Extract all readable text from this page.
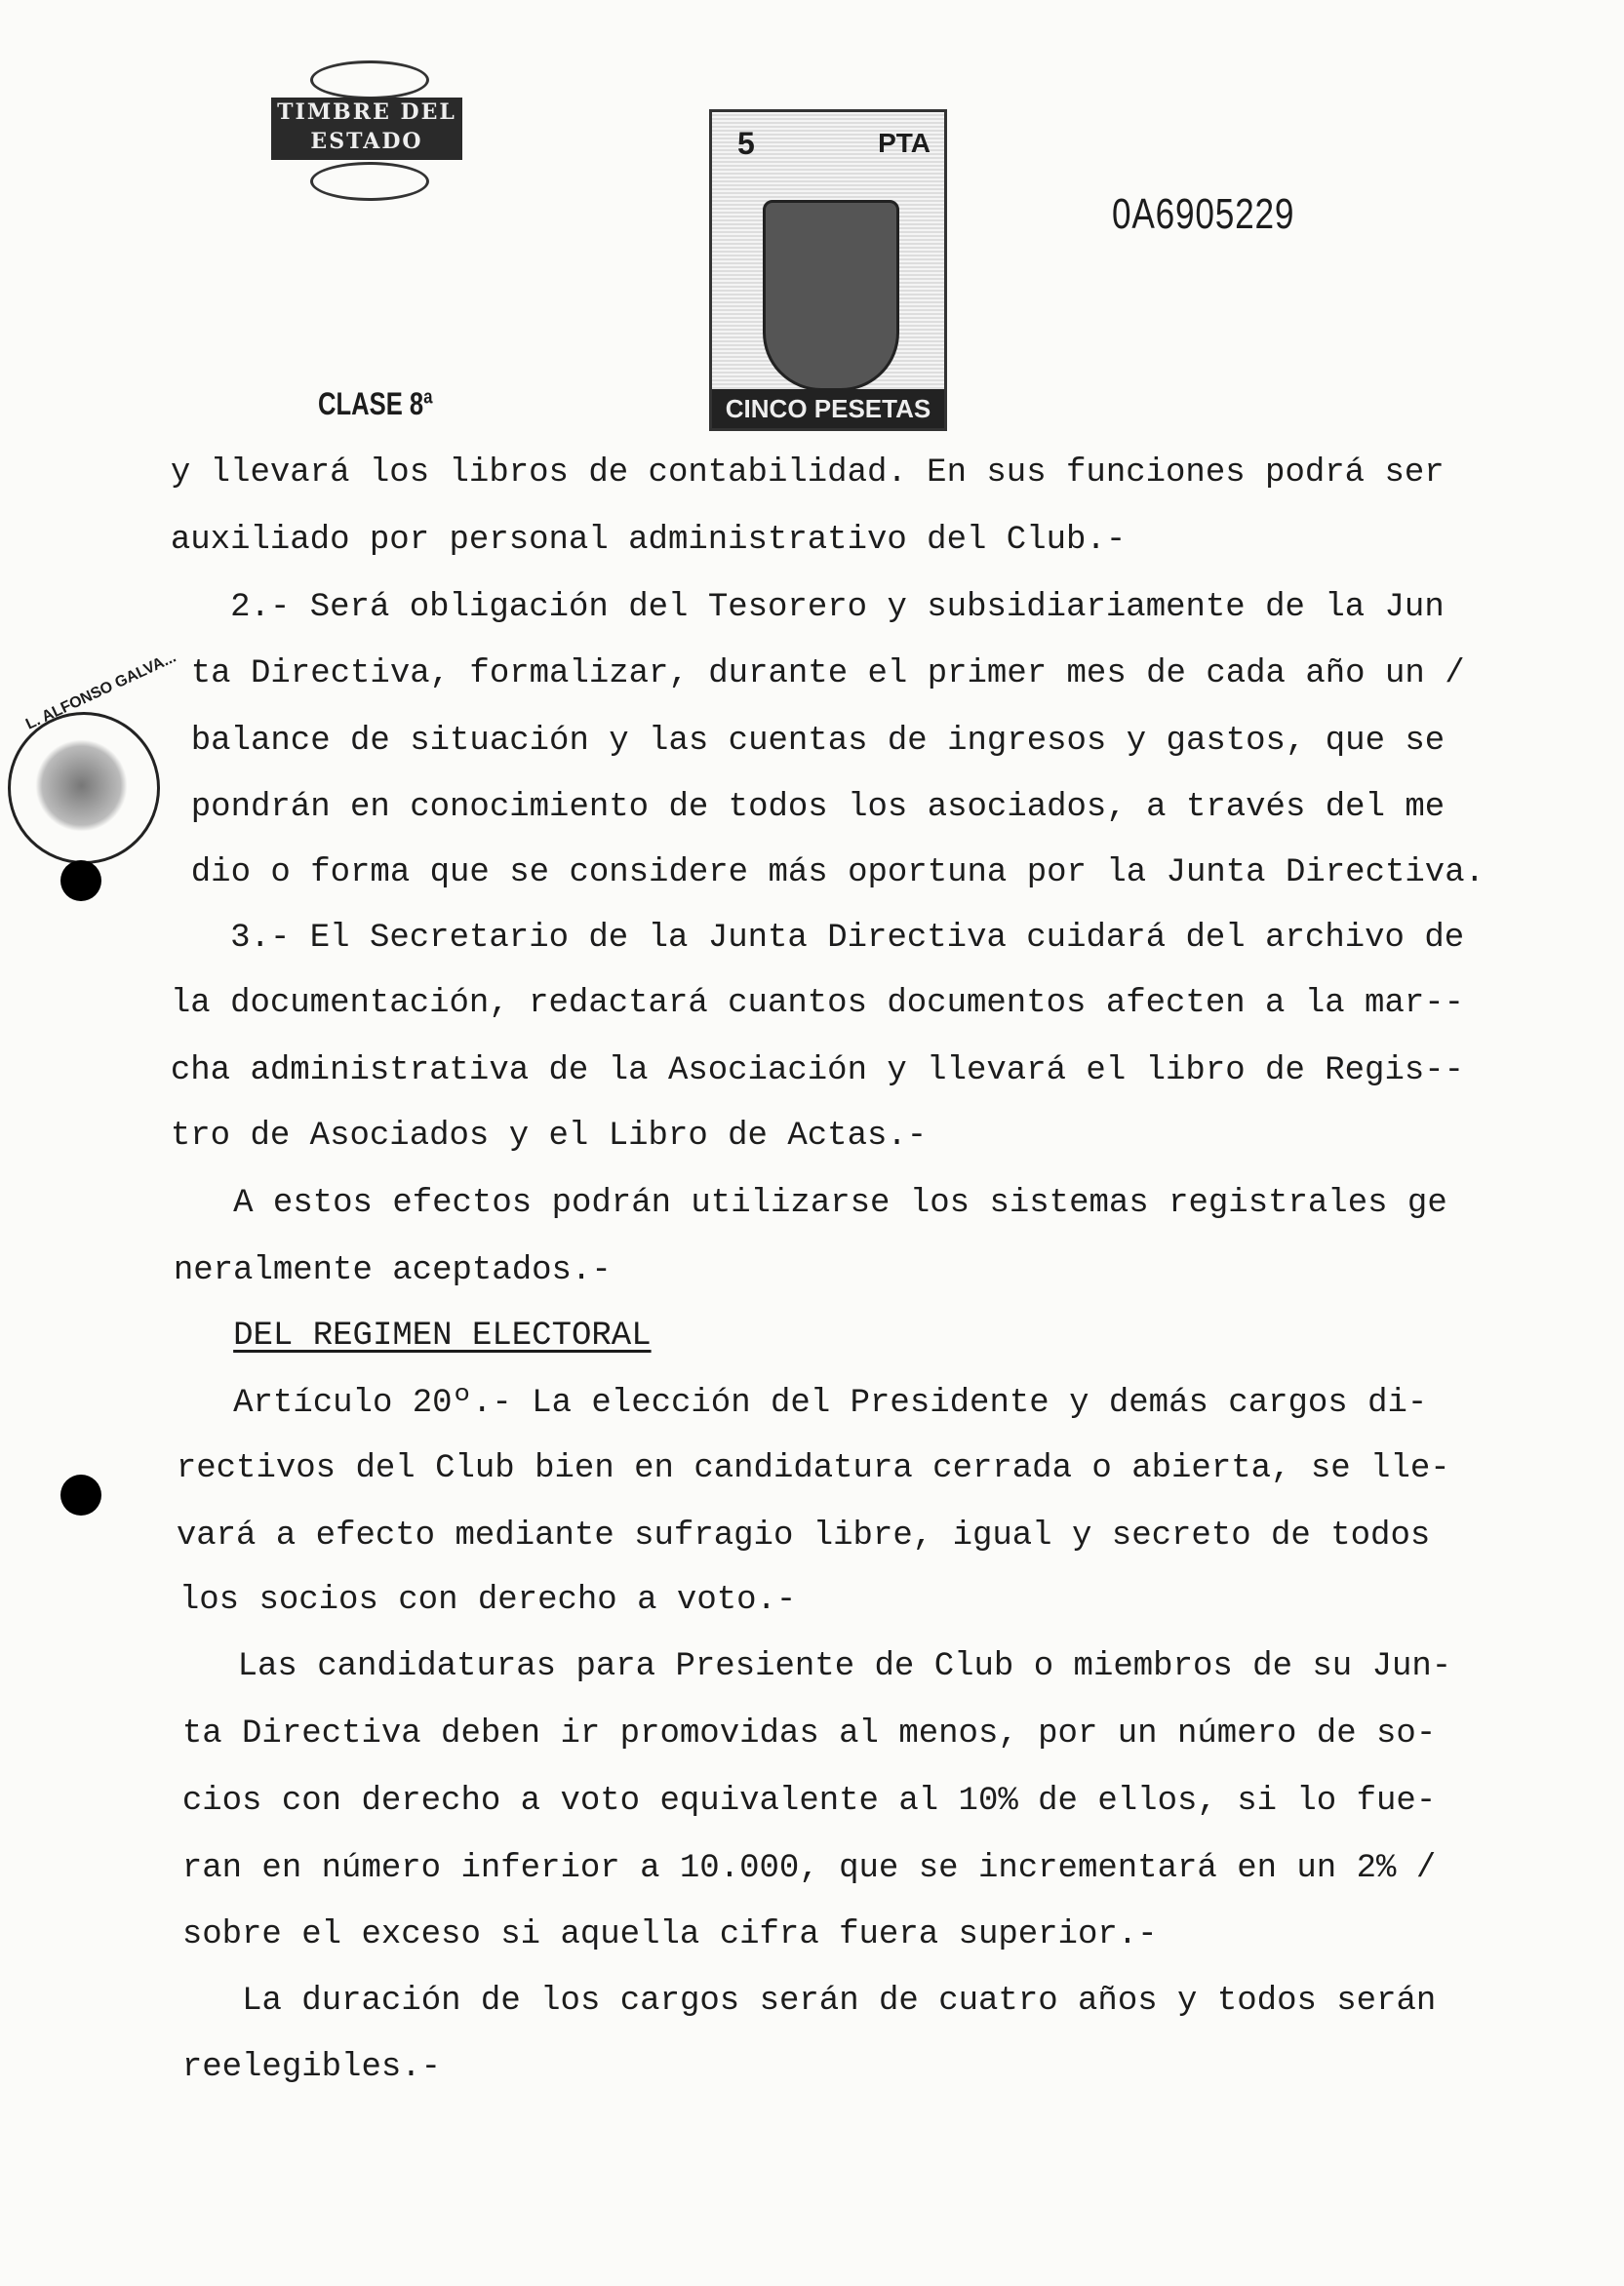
TIMBRE DEL ESTADO	5	PTA
CINCO PESETAS
CLASE 8ª
0A6905229
L. ALFONSO GALVA...
y llevará los libros de contabilidad. En sus funciones podrá ser
auxiliado por personal administrativo del Club.-
2.- Será obligación del Tesorero y subsidiariamente de la Jun
ta Directiva, formalizar, durante el primer mes de cada año un /
balance de situación y las cuentas de ingresos y gastos, que se
pondrán en conocimiento de todos los asociados, a través del me
dio o forma que se considere más oportuna por la Junta Directiva.
3.- El Secretario de la Junta Directiva cuidará del archivo de
la documentación, redactará cuantos documentos afecten a la mar--
cha administrativa de la Asociación y llevará el libro de Regis--
tro de Asociados y el Libro de Actas.-
A estos efectos podrán utilizarse los sistemas registrales ge
neralmente aceptados.-
DEL REGIMEN ELECTORAL
Artículo 20º.- La elección del Presidente y demás cargos di-
rectivos del Club bien en candidatura cerrada o abierta, se lle-
vará a efecto mediante sufragio libre, igual y secreto de todos
los socios con derecho a voto.-
Las candidaturas para Presiente de Club o miembros de su Jun-
ta Directiva deben ir promovidas al menos, por un número de so-
cios con derecho a voto equivalente al 10% de ellos, si lo fue-
ran en número inferior a 10.000, que se incrementará en un 2% /
sobre el exceso si aquella cifra fuera superior.-
La duración de los cargos serán de cuatro años y todos serán
reelegibles.-
